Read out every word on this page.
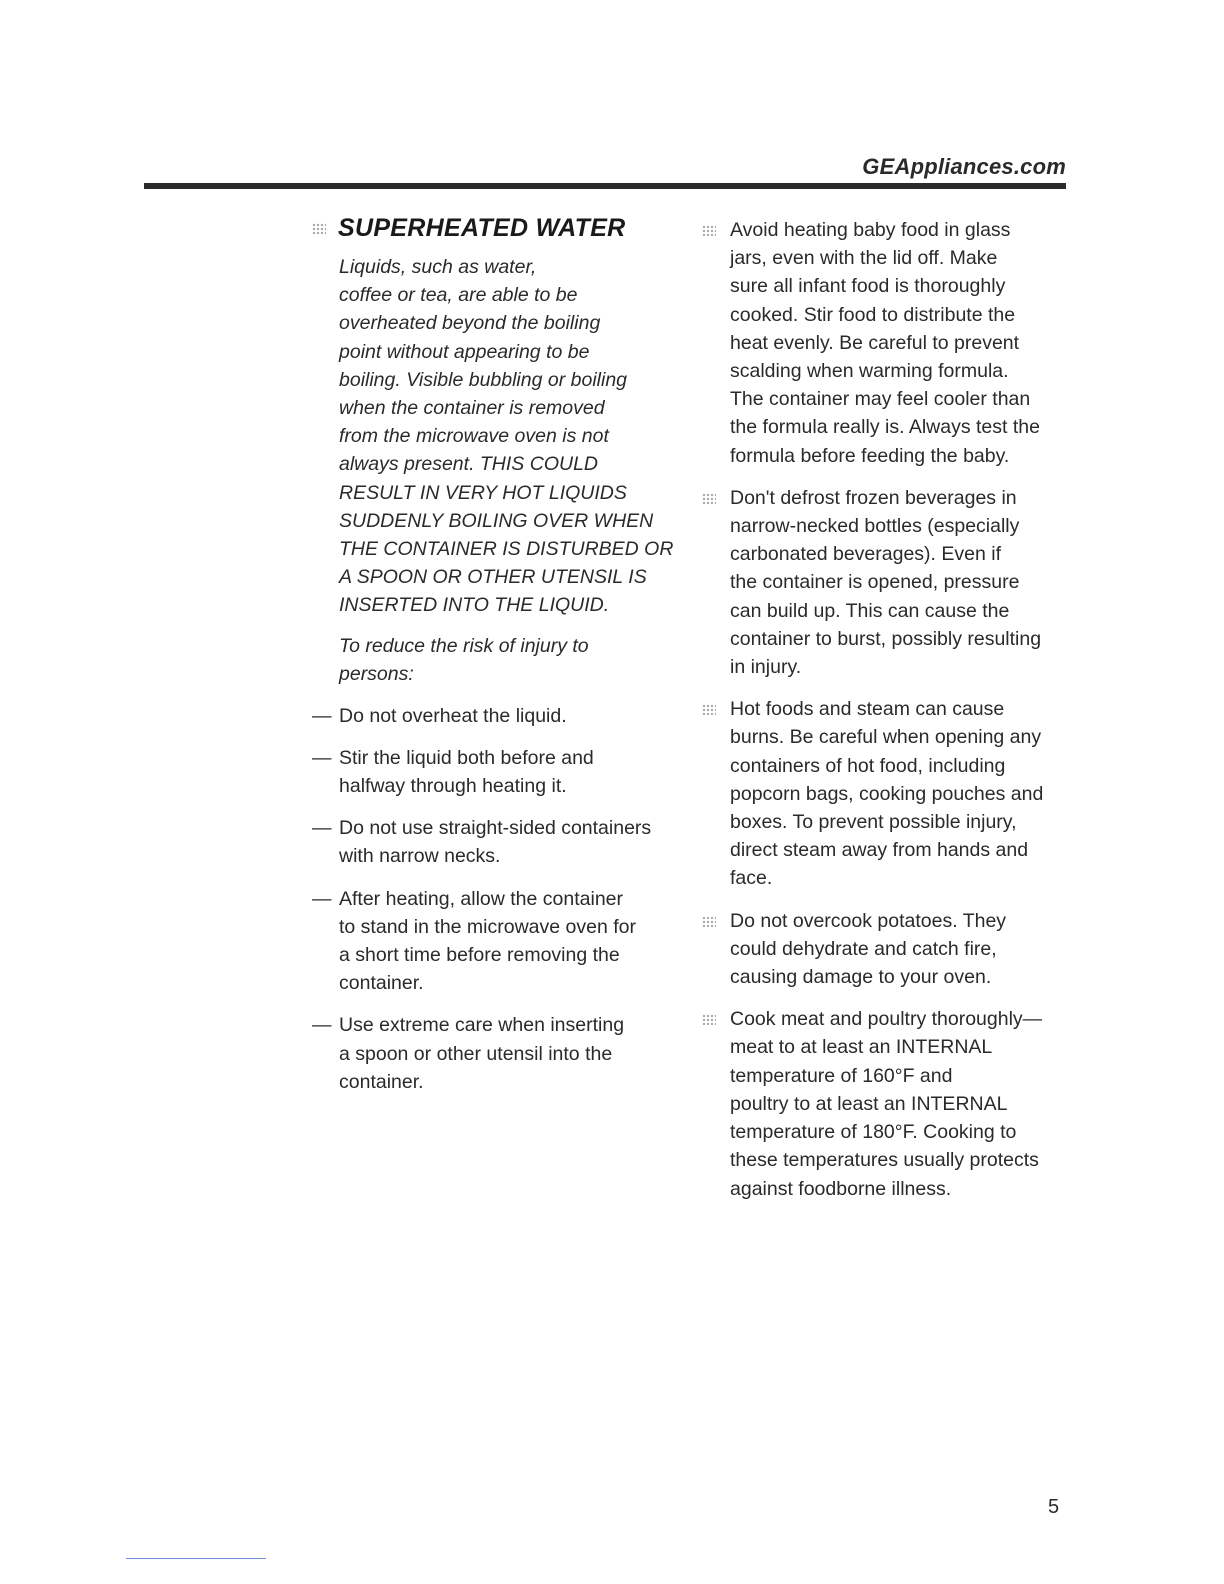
GEAppliances.com
SUPERHEATED WATER
Liquids, such as water,
coffee or tea, are able to be
overheated beyond the boiling
point without appearing to be
boiling. Visible bubbling or boiling
when the container is removed
from the microwave oven is not
always present. THIS COULD
RESULT IN VERY HOT LIQUIDS
SUDDENLY BOILING OVER WHEN
THE CONTAINER IS DISTURBED OR
A SPOON OR OTHER UTENSIL IS
INSERTED INTO THE LIQUID.
To reduce the risk of injury to
persons:
— Do not overheat the liquid.
— Stir the liquid both before and
halfway through heating it.
— Do not use straight-sided containers
with narrow necks.
— After heating, allow the container
to stand in the microwave oven for
a short time before removing the
container.
— Use extreme care when inserting
a spoon or other utensil into the
container.
Avoid heating baby food in glass
jars, even with the lid off. Make
sure all infant food is thoroughly
cooked. Stir food to distribute the
heat evenly. Be careful to prevent
scalding when warming formula.
The container may feel cooler than
the formula really is. Always test the
formula before feeding the baby.
Don't defrost frozen beverages in
narrow-necked bottles (especially
carbonated beverages). Even if
the container is opened, pressure
can build up. This can cause the
container to burst, possibly resulting
in injury.
Hot foods and steam can cause
burns. Be careful when opening any
containers of hot food, including
popcorn bags, cooking pouches and
boxes. To prevent possible injury,
direct steam away from hands and
face.
Do not overcook potatoes. They
could dehydrate and catch fire,
causing damage to your oven.
Cook meat and poultry thoroughly—
meat to at least an INTERNAL
temperature of 160°F and
poultry to at least an INTERNAL
temperature of 180°F. Cooking to
these temperatures usually protects
against foodborne illness.
5
